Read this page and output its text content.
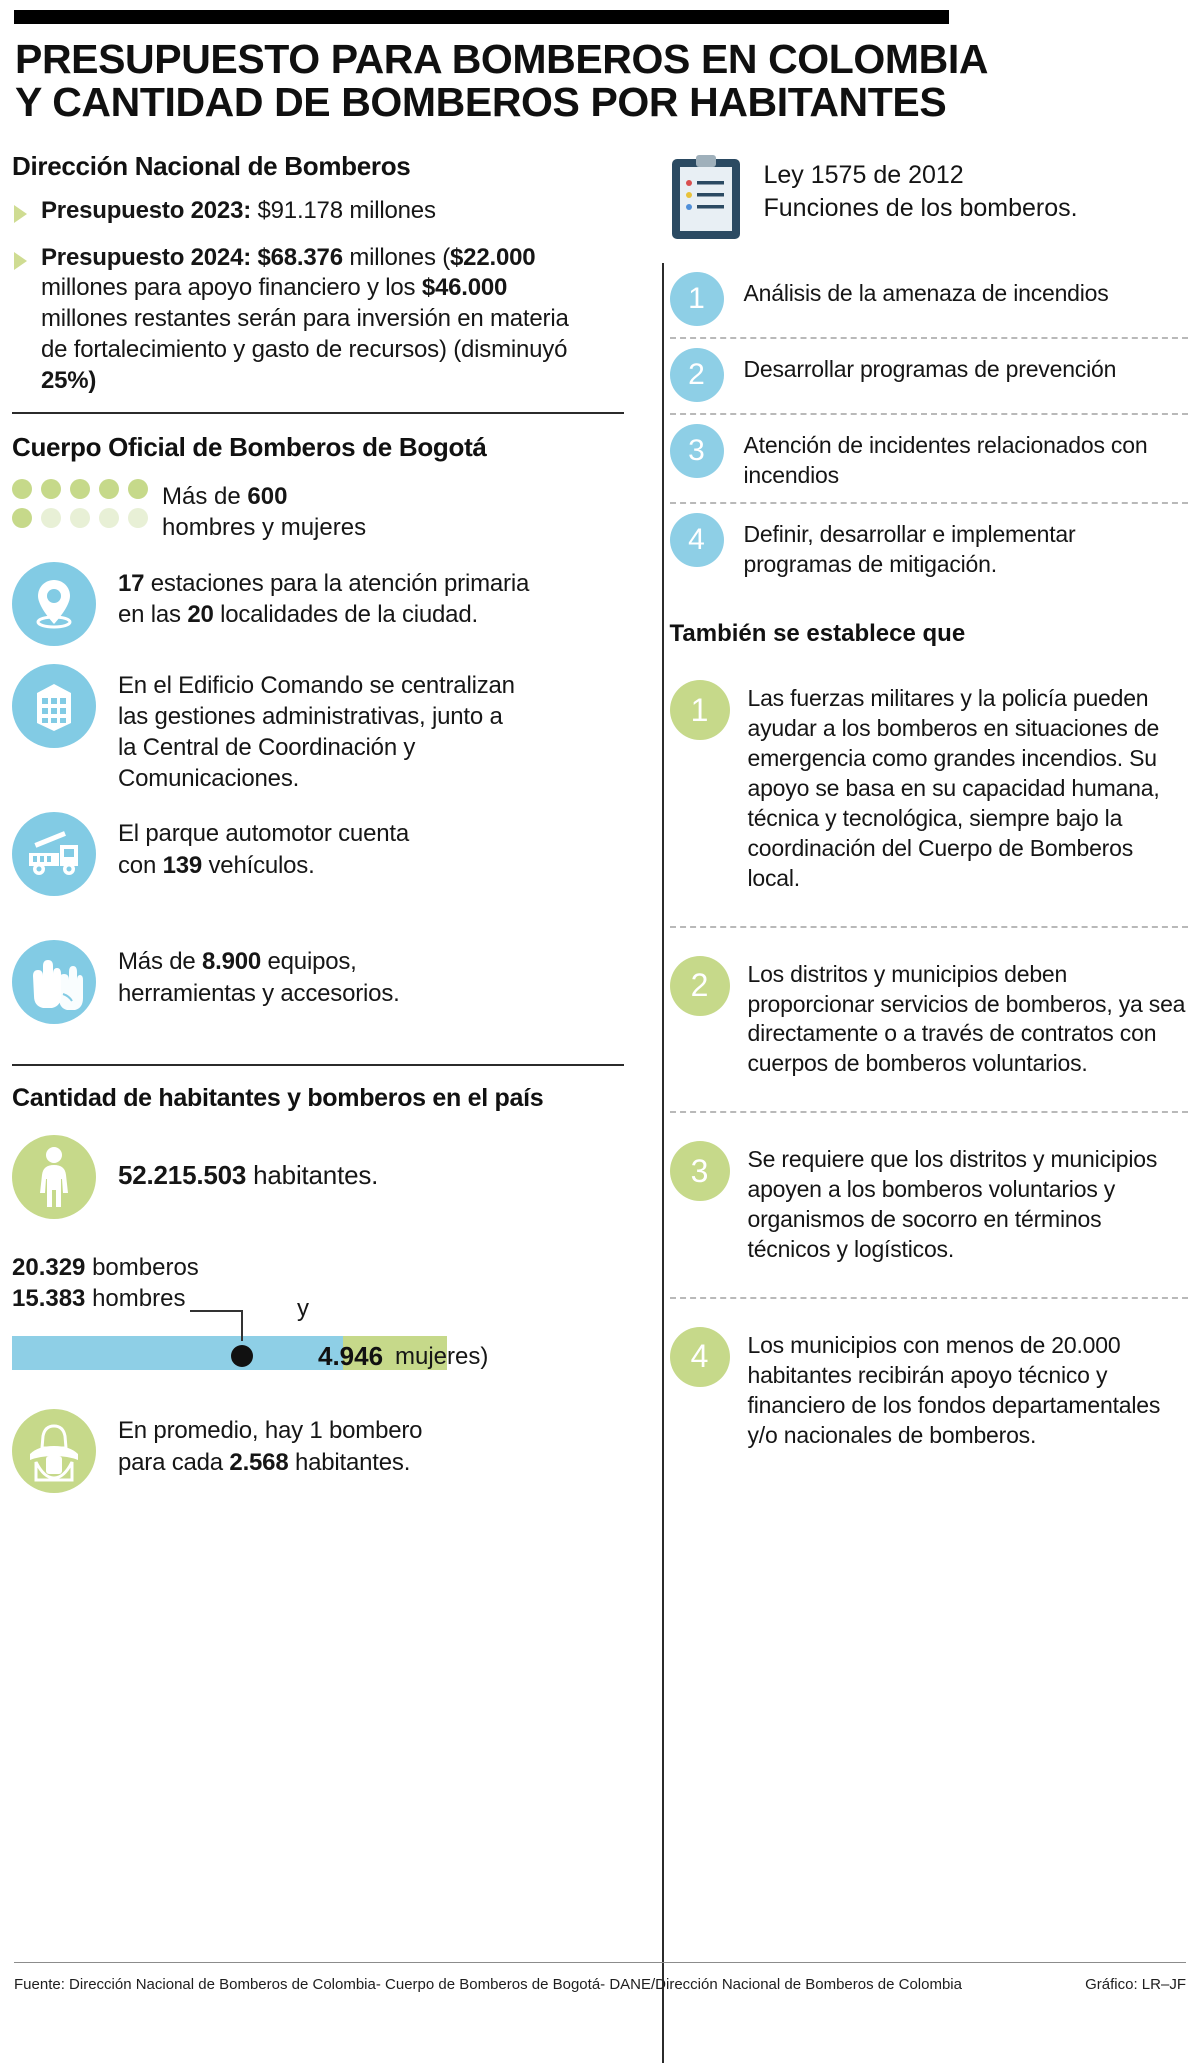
PRESUPUESTO PARA BOMBEROS EN COLOMBIA
Y CANTIDAD DE BOMBEROS POR HABITANTES
Dirección Nacional de Bomberos
Presupuesto 2023: $91.178 millones
Presupuesto 2024: $68.376 millones ($22.000
millones para apoyo financiero y los $46.000
millones restantes serán para inversión en materia
de fortalecimiento y gasto de recursos) (disminuyó
25%)
Cuerpo Oficial de Bomberos de Bogotá
Más de 600
hombres y mujeres
17 estaciones para la atención primaria
en las 20 localidades de la ciudad.
En el Edificio Comando se centralizan
las gestiones administrativas, junto a
la Central de Coordinación y
Comunicaciones.
El parque automotor cuenta
con 139 vehículos.
Más de 8.900 equipos,
herramientas y accesorios.
Cantidad de habitantes y bomberos en el país
52.215.503 habitantes.
20.329 bomberos
15.383 hombres	y
4.946 mujeres)
En promedio, hay 1 bombero
para cada 2.568 habitantes.
Ley 1575 de 2012
Funciones de los bomberos.
1	Análisis de la amenaza de incendios
2	Desarrollar programas de prevención
3	Atención de incidentes relacionados con incendios
4	Definir, desarrollar e implementar programas de mitigación.
También se establece que
1	Las fuerzas militares y la policía pueden ayudar a los bomberos en situaciones de emergencia como grandes incendios. Su apoyo se basa en su capacidad humana, técnica y tecnológica, siempre bajo la coordinación del Cuerpo de Bomberos local.
2	Los distritos y municipios deben proporcionar servicios de bomberos, ya sea directamente o a través de contratos con cuerpos de bomberos voluntarios.
3	Se requiere que los distritos y municipios apoyen a los bomberos voluntarios y organismos de socorro en términos técnicos y logísticos.
4	Los municipios con menos de 20.000 habitantes recibirán apoyo técnico y financiero de los fondos departamentales y/o nacionales de bomberos.
Fuente: Dirección Nacional de Bomberos de Colombia- Cuerpo de Bomberos de Bogotá- DANE/Dirección Nacional de Bomberos de Colombia	Gráfico: LR–JF
